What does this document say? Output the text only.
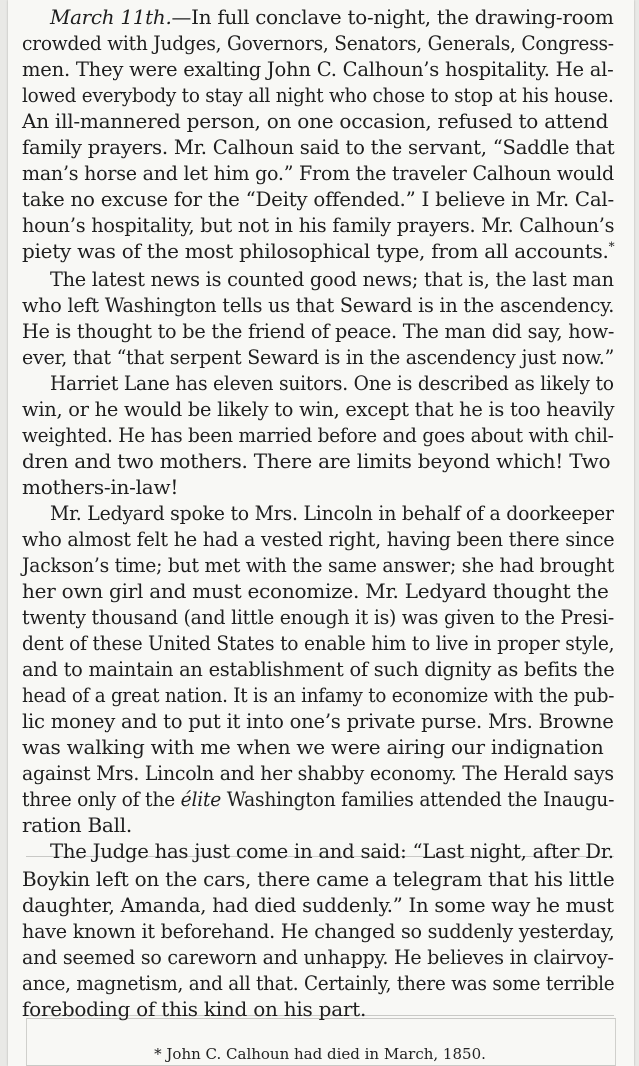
March 11th.—In full conclave to-night, the drawing-room
crowded with Judges, Governors, Senators, Generals, Congress-
men. They were exalting John C. Calhoun’s hospitality. He al-
lowed everybody to stay all night who chose to stop at his house.
An ill-mannered person, on one occasion, refused to attend
family prayers. Mr. Calhoun said to the servant, “Saddle that
man’s horse and let him go.” From the traveler Calhoun would
take no excuse for the “Deity offended.” I believe in Mr. Cal-
houn’s hospitality, but not in his family prayers. Mr. Calhoun’s
piety was of the most philosophical type, from all accounts.*
The latest news is counted good news; that is, the last man
who left Washington tells us that Seward is in the ascendency.
He is thought to be the friend of peace. The man did say, how-
ever, that “that serpent Seward is in the ascendency just now.”
Harriet Lane has eleven suitors. One is described as likely to
win, or he would be likely to win, except that he is too heavily
weighted. He has been married before and goes about with chil-
dren and two mothers. There are limits beyond which! Two
mothers-in-law!
Mr. Ledyard spoke to Mrs. Lincoln in behalf of a doorkeeper
who almost felt he had a vested right, having been there since
Jackson’s time; but met with the same answer; she had brought
her own girl and must economize. Mr. Ledyard thought the
twenty thousand (and little enough it is) was given to the Presi-
dent of these United States to enable him to live in proper style,
and to maintain an establishment of such dignity as befits the
head of a great nation. It is an infamy to economize with the pub-
lic money and to put it into one’s private purse. Mrs. Browne
was walking with me when we were airing our indignation
against Mrs. Lincoln and her shabby economy. The Herald says
three only of the élite Washington families attended the Inaugu-
ration Ball.
The Judge has just come in and said: “Last night, after Dr.
Boykin left on the cars, there came a telegram that his little
daughter, Amanda, had died suddenly.” In some way he must
have known it beforehand. He changed so suddenly yesterday,
and seemed so careworn and unhappy. He believes in clairvoy-
ance, magnetism, and all that. Certainly, there was some terrible
foreboding of this kind on his part.
* John C. Calhoun had died in March, 1850.
